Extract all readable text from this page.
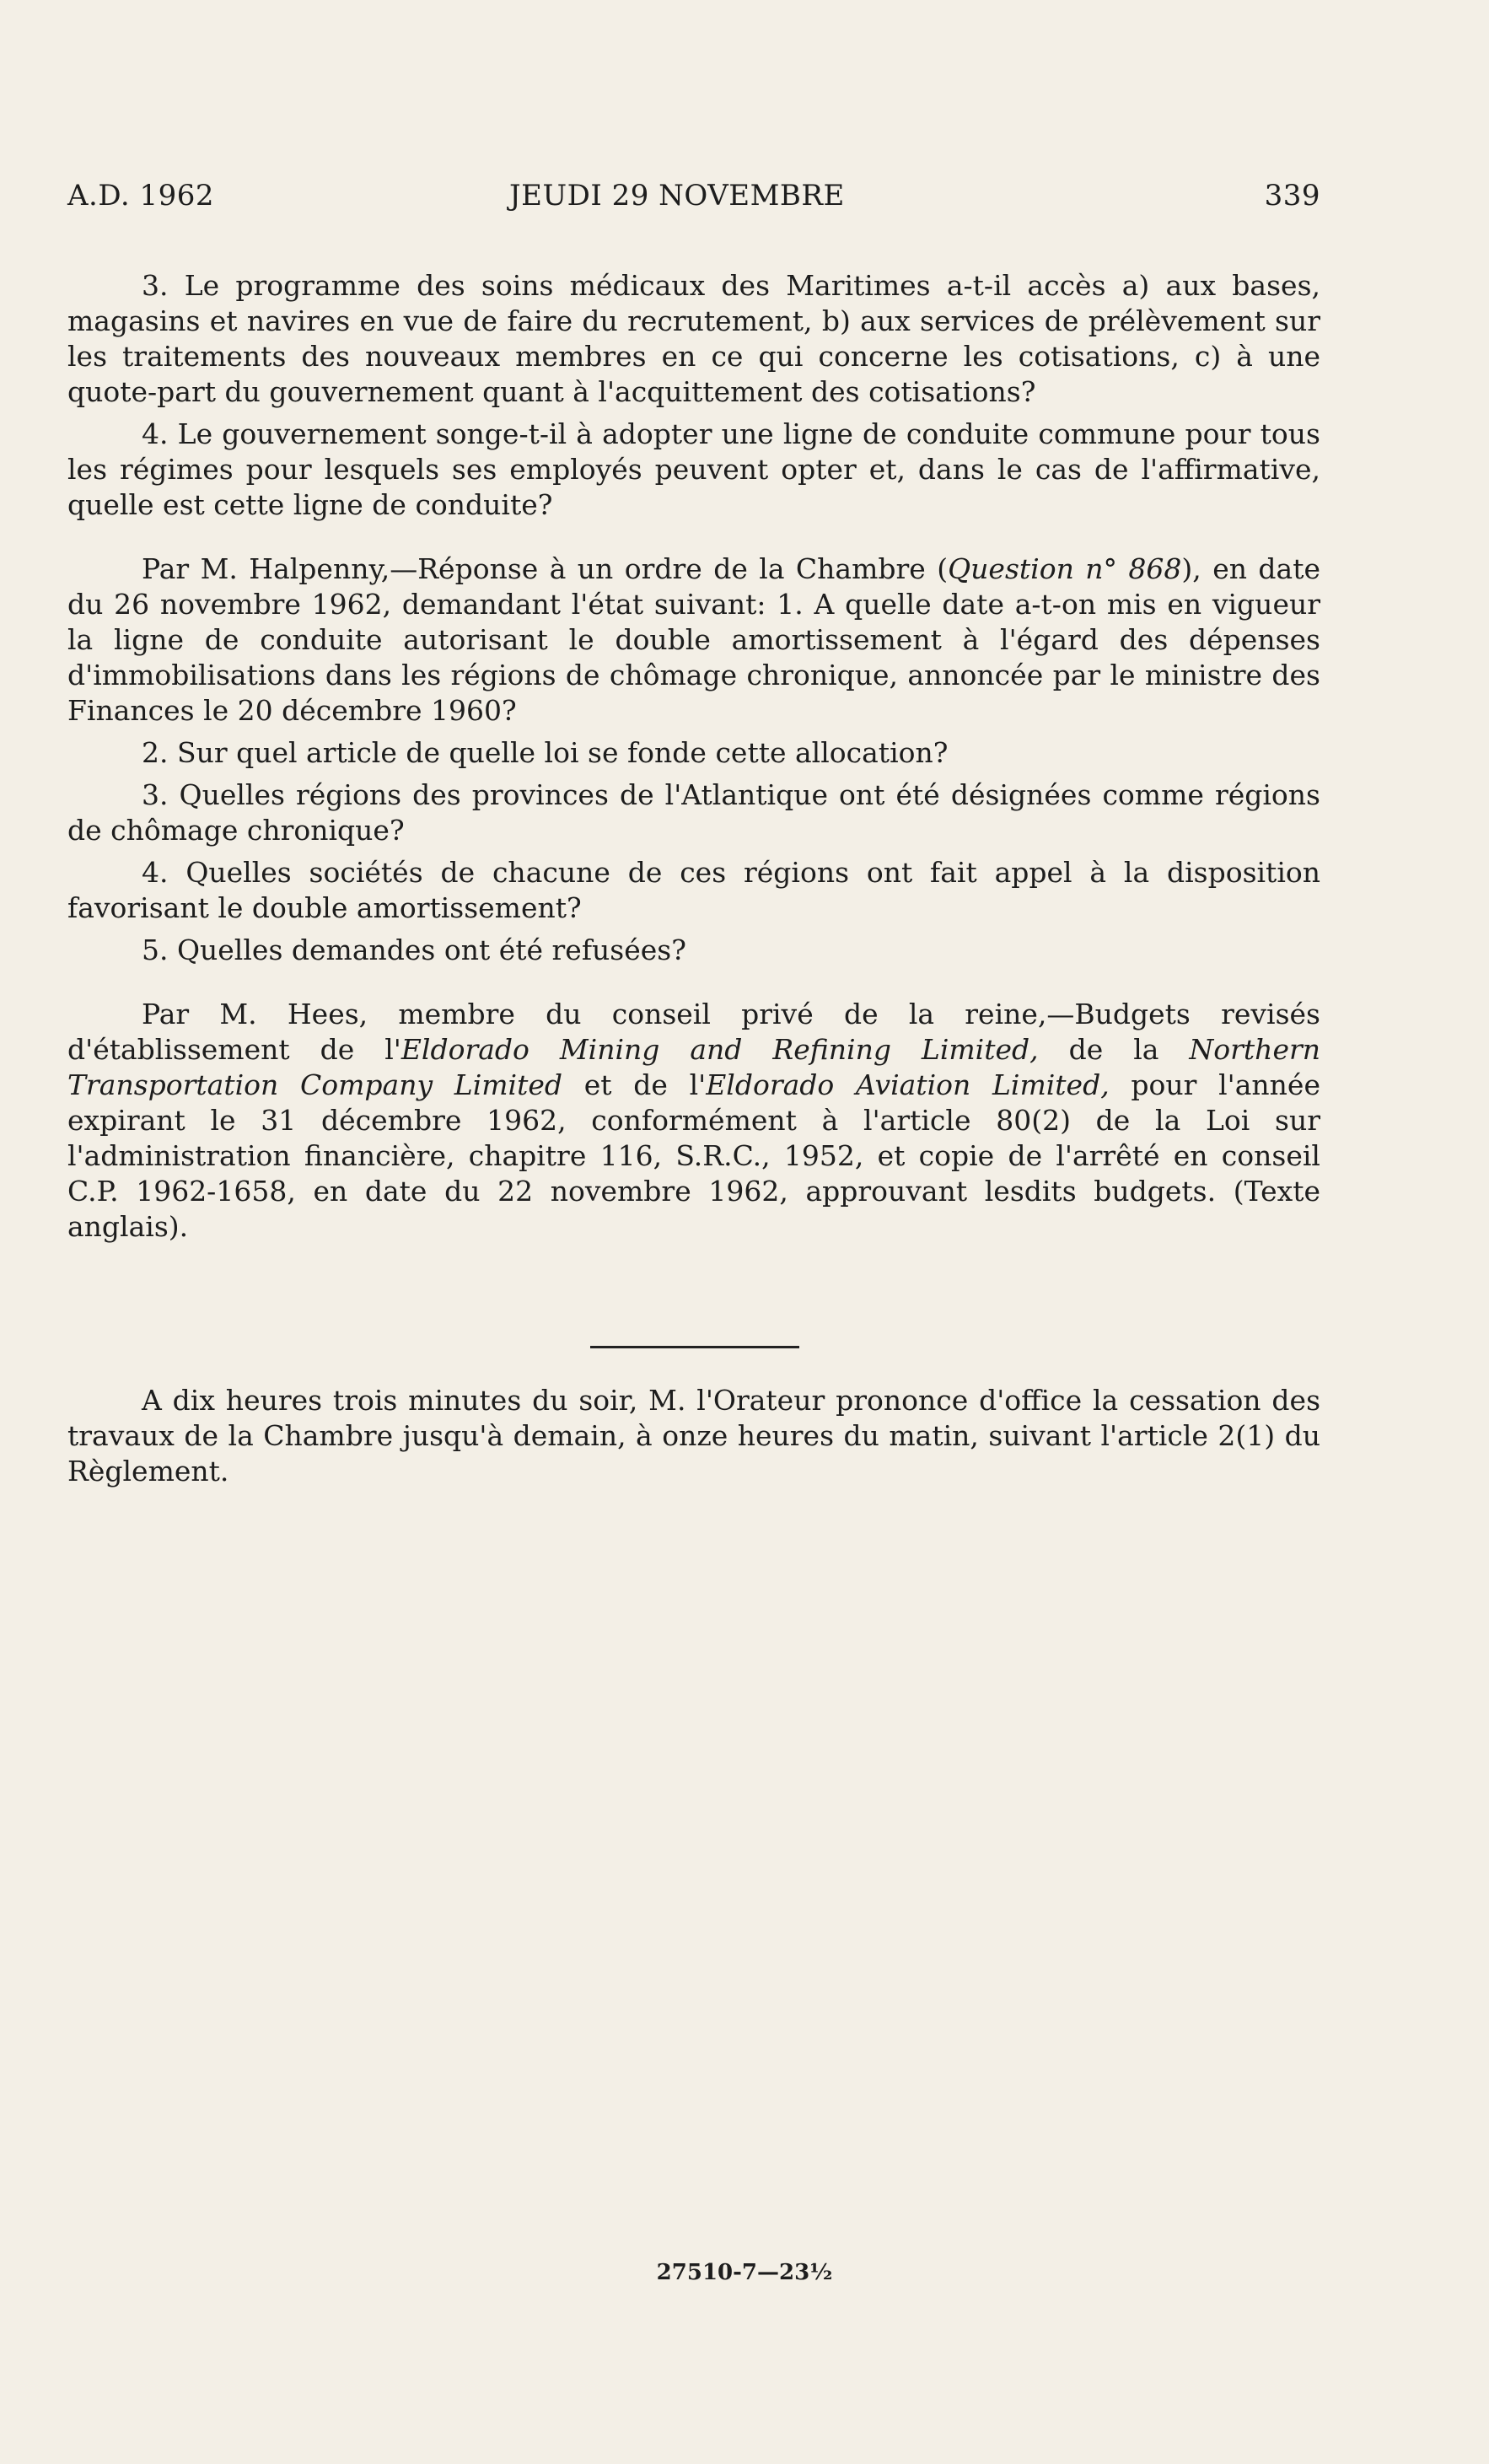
A.D. 1962	JEUDI 29 NOVEMBRE	339

3. Le programme des soins médicaux des Maritimes a-t-il accès a) aux bases, magasins et navires en vue de faire du recrutement, b) aux services de prélèvement sur les traitements des nouveaux membres en ce qui concerne les cotisations, c) à une quote-part du gouvernement quant à l'acquittement des cotisations?

4. Le gouvernement songe-t-il à adopter une ligne de conduite commune pour tous les régimes pour lesquels ses employés peuvent opter et, dans le cas de l'affirmative, quelle est cette ligne de conduite?

Par M. Halpenny,—Réponse à un ordre de la Chambre (Question n° 868), en date du 26 novembre 1962, demandant l'état suivant: 1. A quelle date a-t-on mis en vigueur la ligne de conduite autorisant le double amortissement à l'égard des dépenses d'immobilisations dans les régions de chômage chronique, annoncée par le ministre des Finances le 20 décembre 1960?

2. Sur quel article de quelle loi se fonde cette allocation?

3. Quelles régions des provinces de l'Atlantique ont été désignées comme régions de chômage chronique?

4. Quelles sociétés de chacune de ces régions ont fait appel à la disposition favorisant le double amortissement?

5. Quelles demandes ont été refusées?

Par M. Hees, membre du conseil privé de la reine,—Budgets revisés d'établissement de l'Eldorado Mining and Refining Limited, de la Northern Transportation Company Limited et de l'Eldorado Aviation Limited, pour l'année expirant le 31 décembre 1962, conformément à l'article 80(2) de la Loi sur l'administration financière, chapitre 116, S.R.C., 1952, et copie de l'arrêté en conseil C.P. 1962-1658, en date du 22 novembre 1962, approuvant lesdits budgets. (Texte anglais).

A dix heures trois minutes du soir, M. l'Orateur prononce d'office la cessation des travaux de la Chambre jusqu'à demain, à onze heures du matin, suivant l'article 2(1) du Règlement.

27510-7—23½
